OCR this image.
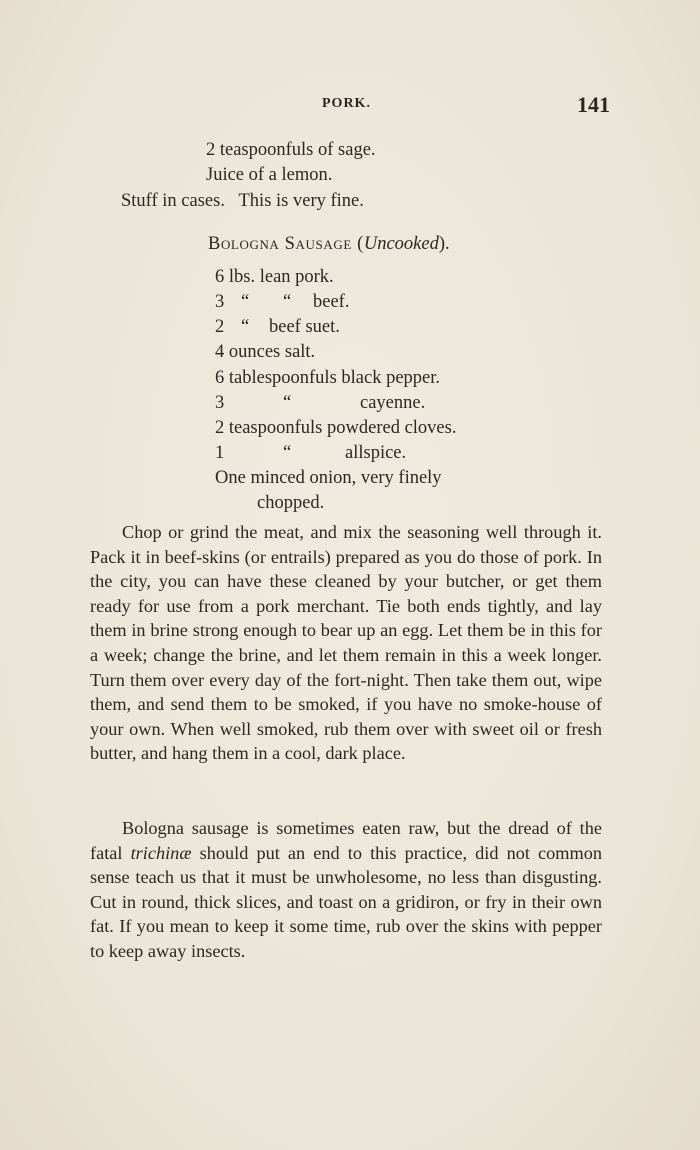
PORK.	141
2 teaspoonfuls of sage.
Juice of a lemon.
Stuff in cases.   This is very fine.
Bologna Sausage (Uncooked).
6 lbs. lean pork.
3 “ “ beef.
2 “ beef suet.
4 ounces salt.
6 tablespoonfuls black pepper.
3	“	cayenne.
2 teaspoonfuls powdered cloves.
1	“	allspice.
One minced onion, very finely
chopped.

Chop or grind the meat, and mix the seasoning well through it. Pack it in beef-skins (or entrails) prepared as you do those of pork. In the city, you can have these cleaned by your butcher, or get them ready for use from a pork merchant. Tie both ends tightly, and lay them in brine strong enough to bear up an egg. Let them be in this for a week; change the brine, and let them remain in this a week longer. Turn them over every day of the fort-night. Then take them out, wipe them, and send them to be smoked, if you have no smoke-house of your own. When well smoked, rub them over with sweet oil or fresh butter, and hang them in a cool, dark place.

Bologna sausage is sometimes eaten raw, but the dread of the fatal trichinæ should put an end to this practice, did not common sense teach us that it must be unwholesome, no less than disgusting. Cut in round, thick slices, and toast on a gridiron, or fry in their own fat. If you mean to keep it some time, rub over the skins with pepper to keep away insects.
